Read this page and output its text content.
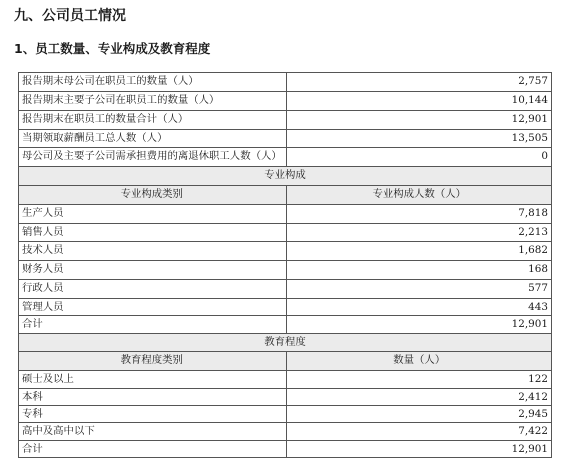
九、公司员工情况
1、员工数量、专业构成及教育程度
报告期末母公司在职员工的数量（人）	2,757
报告期末主要子公司在职员工的数量（人）	10,144
报告期末在职员工的数量合计（人）	12,901
当期领取薪酬员工总人数（人）	13,505
母公司及主要子公司需承担费用的离退休职工人数（人）	0
专业构成
专业构成类别	专业构成人数（人）
生产人员	7,818
销售人员	2,213
技术人员	1,682
财务人员	168
行政人员	577
管理人员	443
合计	12,901
教育程度
教育程度类别	数量（人）
硕士及以上	122
本科	2,412
专科	2,945
高中及高中以下	7,422
合计	12,901
